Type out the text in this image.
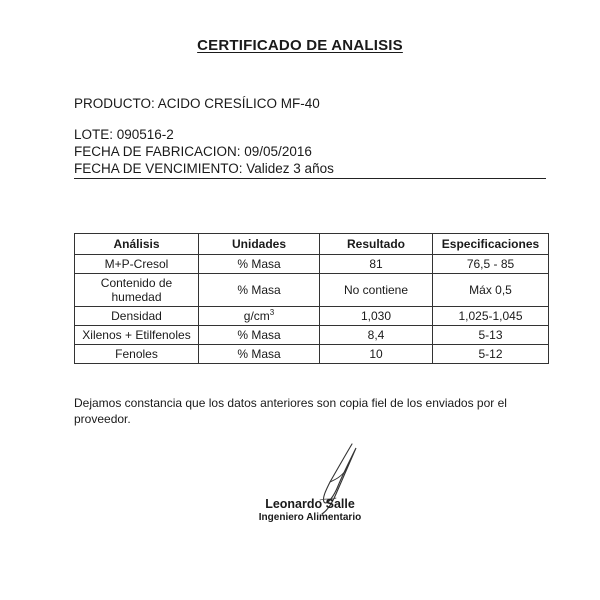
CERTIFICADO DE ANALISIS
PRODUCTO: ACIDO CRESÍLICO MF-40
LOTE: 090516-2
FECHA DE FABRICACION: 09/05/2016
FECHA DE VENCIMIENTO: Validez 3 años
Análisis	Unidades	Resultado	Especificaciones
M+P-Cresol	% Masa	81	76,5 - 85
Contenido de humedad	% Masa	No contiene	Máx 0,5
Densidad	$g/cm^3$	1,030	1,025-1,045
Xilenos + Etilfenoles	% Masa	8,4	5-13
Fenoles	% Masa	10	5-12
Dejamos constancia que los datos anteriores son copia fiel de los enviados por el proveedor.
Leonardo Salle
Ingeniero Alimentario
